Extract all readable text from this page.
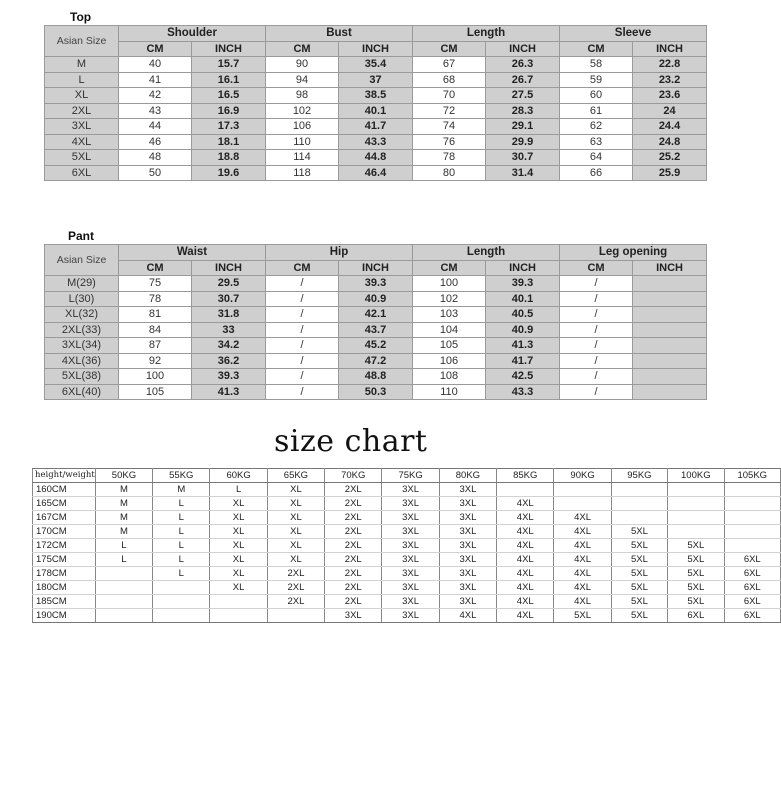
Top
Asian Size	Shoulder		Bust		Length		Sleeve	
	CM	INCH	CM	INCH	CM	INCH	CM	INCH
M	40	15.7	90	35.4	67	26.3	58	22.8
L	41	16.1	94	37	68	26.7	59	23.2
XL	42	16.5	98	38.5	70	27.5	60	23.6
2XL	43	16.9	102	40.1	72	28.3	61	24
3XL	44	17.3	106	41.7	74	29.1	62	24.4
4XL	46	18.1	110	43.3	76	29.9	63	24.8
5XL	48	18.8	114	44.8	78	30.7	64	25.2
6XL	50	19.6	118	46.4	80	31.4	66	25.9
Pant
Asian Size	Waist		Hip		Length		Leg opening	
	CM	INCH	CM	INCH	CM	INCH	CM	INCH
M(29)	75	29.5	/	39.3	100	39.3	/	
L(30)	78	30.7	/	40.9	102	40.1	/	
XL(32)	81	31.8	/	42.1	103	40.5	/	
2XL(33)	84	33	/	43.7	104	40.9	/	
3XL(34)	87	34.2	/	45.2	105	41.3	/	
4XL(36)	92	36.2	/	47.2	106	41.7	/	
5XL(38)	100	39.3	/	48.8	108	42.5	/	
6XL(40)	105	41.3	/	50.3	110	43.3	/	
size chart
height/weight	50KG	55KG	60KG	65KG	70KG	75KG	80KG	85KG	90KG	95KG	100KG	105KG
160CM	M	M	L	XL	2XL	3XL	3XL					
165CM	M	L	XL	XL	2XL	3XL	3XL	4XL				
167CM	M	L	XL	XL	2XL	3XL	3XL	4XL	4XL			
170CM	M	L	XL	XL	2XL	3XL	3XL	4XL	4XL	5XL		
172CM	L	L	XL	XL	2XL	3XL	3XL	4XL	4XL	5XL	5XL	
175CM	L	L	XL	XL	2XL	3XL	3XL	4XL	4XL	5XL	5XL	6XL
178CM		L	XL	2XL	2XL	3XL	3XL	4XL	4XL	5XL	5XL	6XL
180CM			XL	2XL	2XL	3XL	3XL	4XL	4XL	5XL	5XL	6XL
185CM				2XL	2XL	3XL	3XL	4XL	4XL	5XL	5XL	6XL
190CM					3XL	3XL	4XL	4XL	5XL	5XL	6XL	6XL
